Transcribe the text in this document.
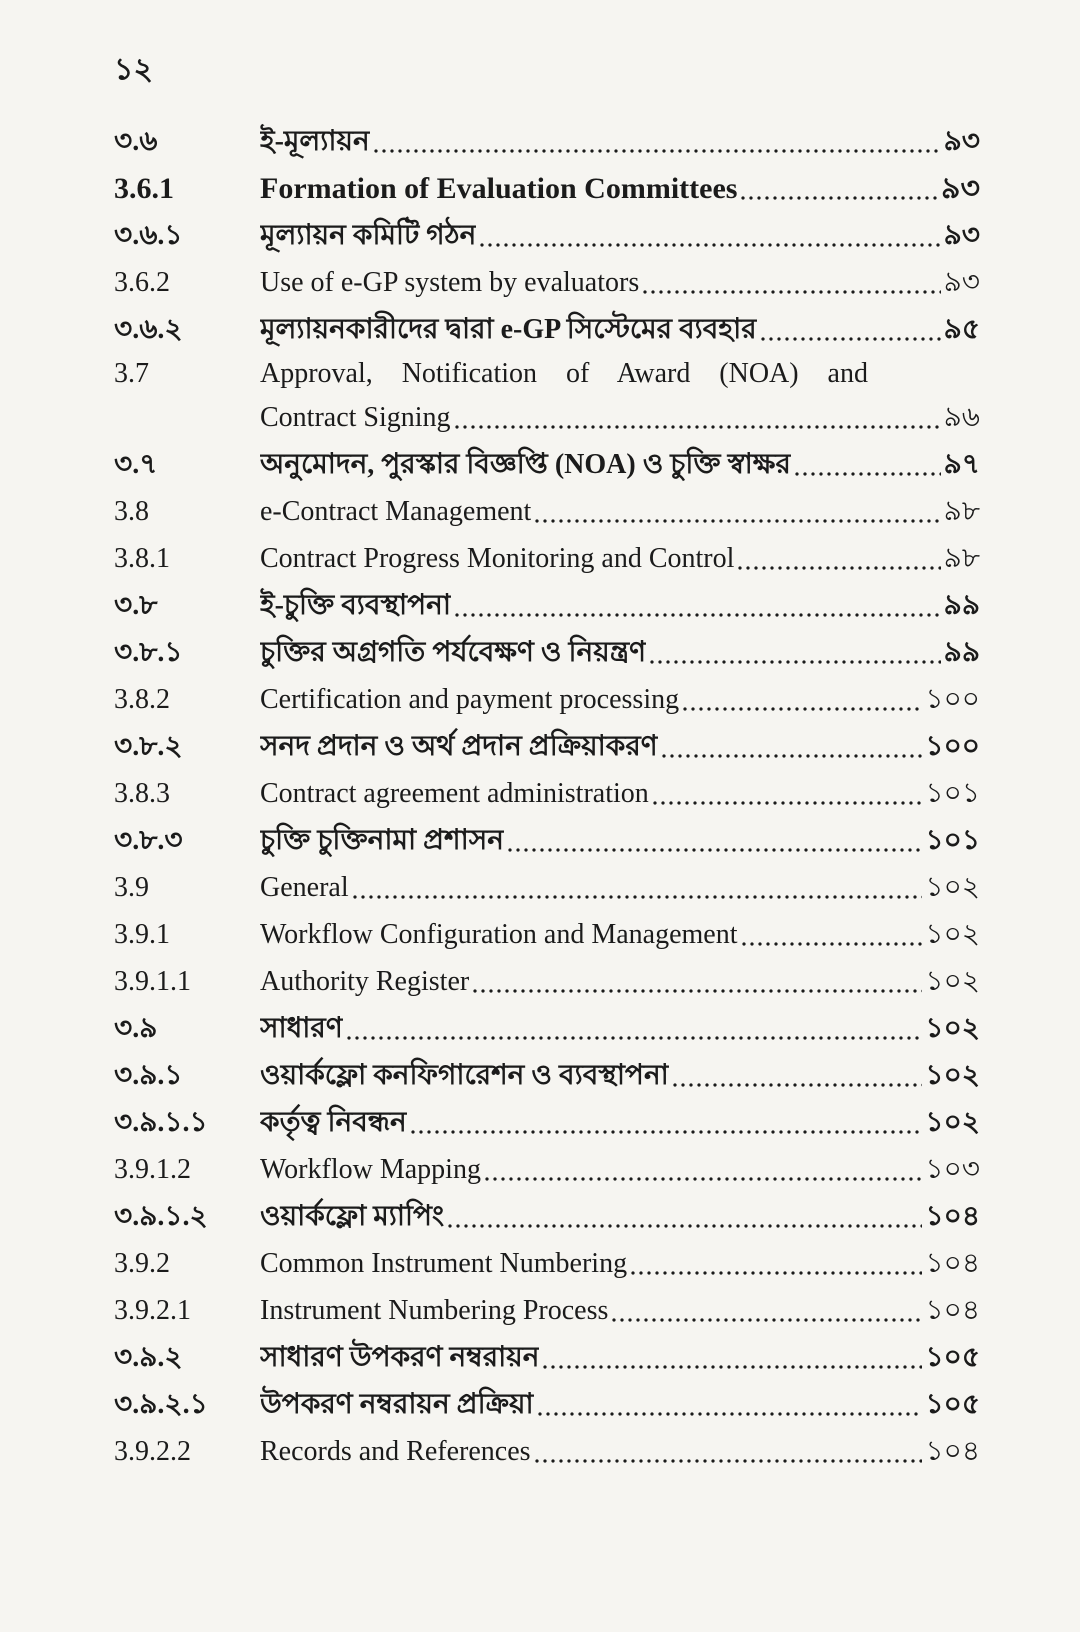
১২
৩.৬	ই-মূল্যায়ন	৯৩
3.6.1	Formation of Evaluation Committees	৯৩
৩.৬.১	মূল্যায়ন কমিটি গঠন	৯৩
3.6.2	Use of e-GP system by evaluators	৯৩
৩.৬.২	মূল্যায়নকারীদের দ্বারা e-GP সিস্টেমের ব্যবহার	৯৫
3.7	Approval, Notification of Award (NOA) and
Contract Signing	৯৬
৩.৭	অনুমোদন, পুরস্কার বিজ্ঞপ্তি (NOA) ও চুক্তি স্বাক্ষর	৯৭
3.8	e-Contract Management	৯৮
3.8.1	Contract Progress Monitoring and Control	৯৮
৩.৮	ই-চুক্তি ব্যবস্থাপনা	৯৯
৩.৮.১	চুক্তির অগ্রগতি পর্যবেক্ষণ ও নিয়ন্ত্রণ	৯৯
3.8.2	Certification and payment processing	১০০
৩.৮.২	সনদ প্রদান ও অর্থ প্রদান প্রক্রিয়াকরণ	১০০
3.8.3	Contract agreement administration	১০১
৩.৮.৩	চুক্তি চুক্তিনামা প্রশাসন	১০১
3.9	General	১০২
3.9.1	Workflow Configuration and Management	১০২
3.9.1.1	Authority Register	১০২
৩.৯	সাধারণ	১০২
৩.৯.১	ওয়ার্কফ্লো কনফিগারেশন ও ব্যবস্থাপনা	১০২
৩.৯.১.১	কর্তৃত্ব নিবন্ধন	১০২
3.9.1.2	Workflow Mapping	১০৩
৩.৯.১.২	ওয়ার্কফ্লো ম্যাপিং	১০৪
3.9.2	Common Instrument Numbering	১০৪
3.9.2.1	Instrument Numbering Process	১০৪
৩.৯.২	সাধারণ উপকরণ নম্বরায়ন	১০৫
৩.৯.২.১	উপকরণ নম্বরায়ন প্রক্রিয়া	১০৫
3.9.2.2	Records and References	১০৪
